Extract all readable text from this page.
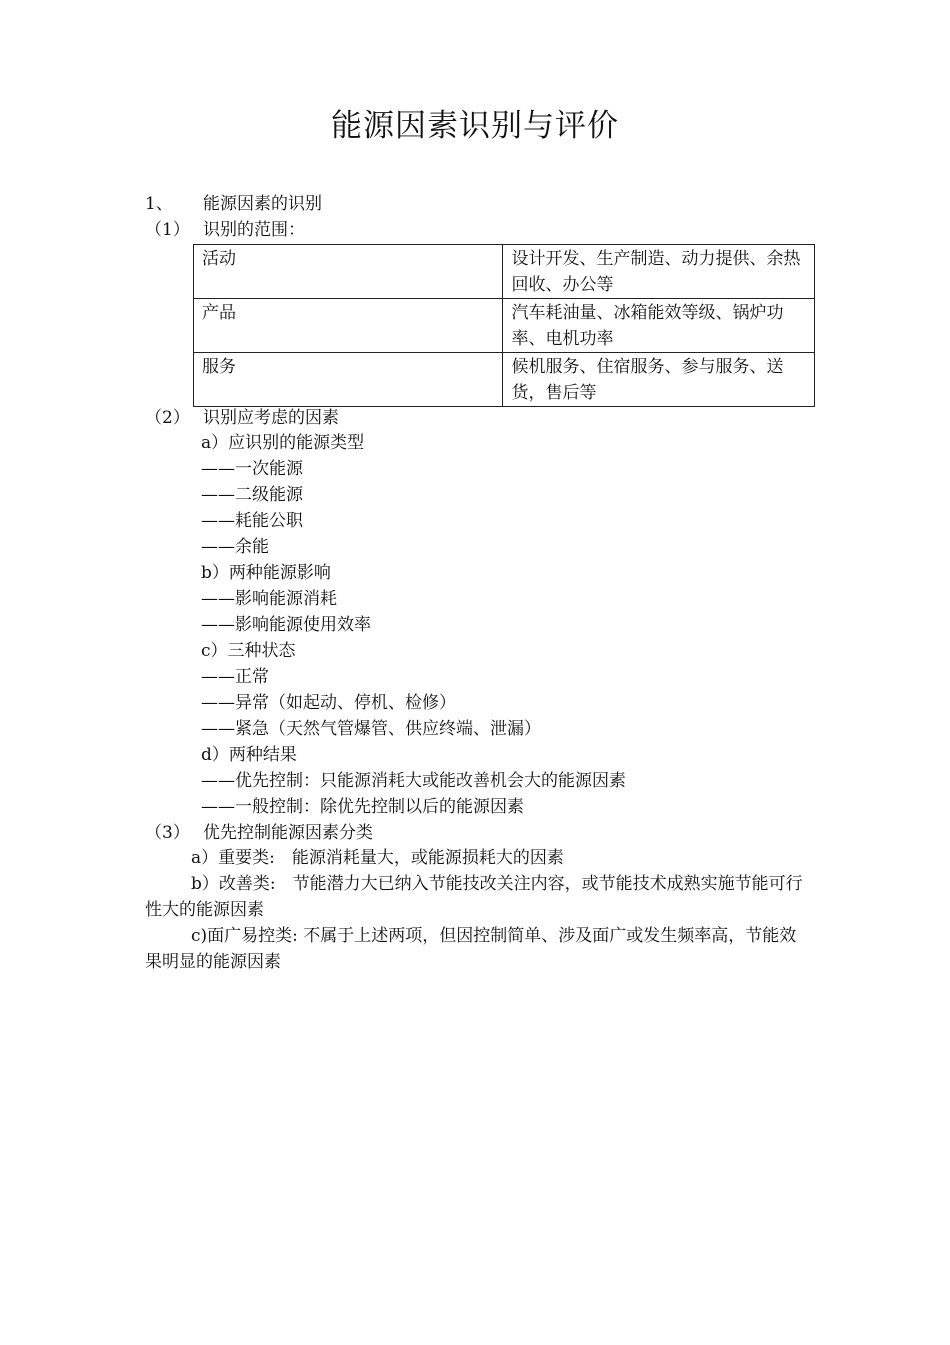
能源因素识别与评价
1、 能源因素的识别
（1） 识别的范围：
活动	设计开发、生产制造、动力提供、余热回收、办公等
产品	汽车耗油量、冰箱能效等级、锅炉功率、电机功率
服务	候机服务、住宿服务、参与服务、送货，售后等
（2） 识别应考虑的因素
a）应识别的能源类型
——一次能源
——二级能源
——耗能公职
——余能
b）两种能源影响
——影响能源消耗
——影响能源使用效率
c）三种状态
——正常
——异常（如起动、停机、检修）
——紧急（天然气管爆管、供应终端、泄漏）
d）两种结果
——优先控制：只能源消耗大或能改善机会大的能源因素
——一般控制：除优先控制以后的能源因素
（3） 优先控制能源因素分类
a）重要类:　能源消耗量大，或能源损耗大的因素
b）改善类:　节能潜力大已纳入节能技改关注内容，或节能技术成熟实施节能可行性大的能源因素
c)面广易控类: 不属于上述两项，但因控制简单、涉及面广或发生频率高，节能效果明显的能源因素
